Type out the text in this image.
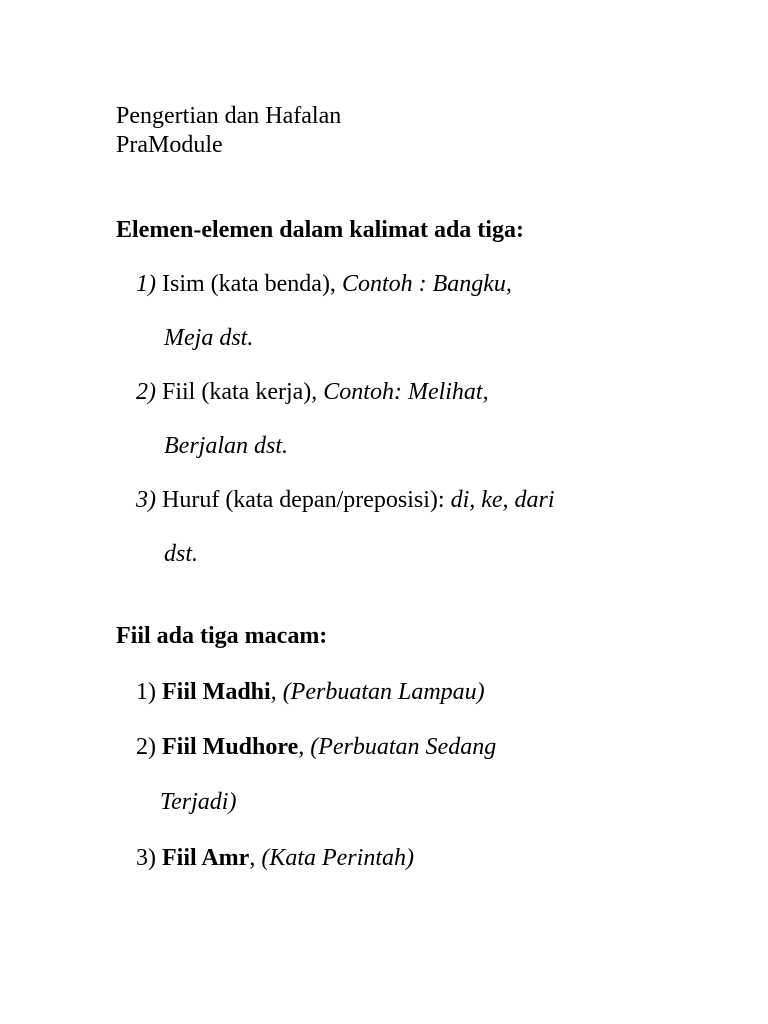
Pengertian dan Hafalan
PraModule
Elemen-elemen dalam kalimat ada tiga:
1) Isim (kata benda), Contoh : Bangku,
Meja dst.
2) Fiil (kata kerja), Contoh: Melihat,
Berjalan dst.
3) Huruf (kata depan/preposisi): di, ke, dari
dst.
Fiil ada tiga macam:
1) Fiil Madhi, (Perbuatan Lampau)
2) Fiil Mudhore, (Perbuatan Sedang
Terjadi)
3) Fiil Amr, (Kata Perintah)
